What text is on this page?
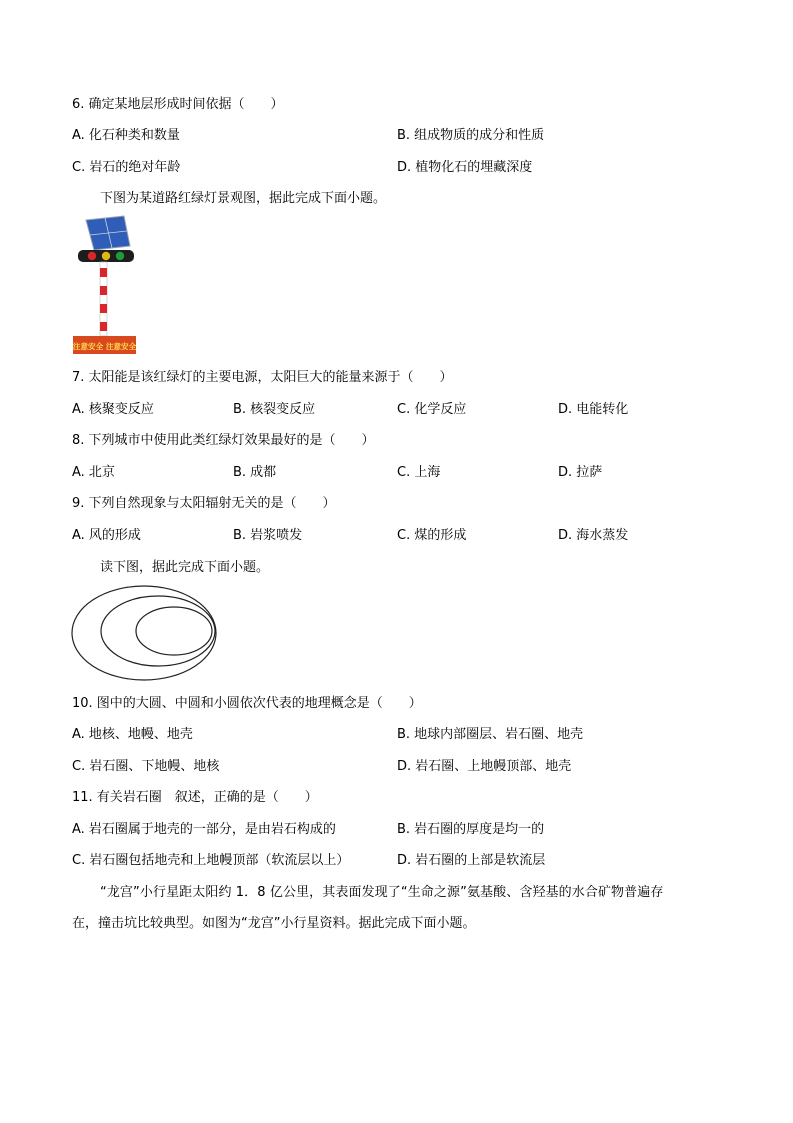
6. 确定某地层形成时间依据（　　）
A. 化石种类和数量	B. 组成物质的成分和性质
C. 岩石的绝对年龄	D. 植物化石的埋藏深度
下图为某道路红绿灯景观图，据此完成下面小题。
注意安全 注意安全
7. 太阳能是该红绿灯的主要电源，太阳巨大的能量来源于（　　）
A. 核聚变反应	B. 核裂变反应	C. 化学反应	D. 电能转化
8. 下列城市中使用此类红绿灯效果最好的是（　　）
A. 北京	B. 成都	C. 上海	D. 拉萨
9. 下列自然现象与太阳辐射无关的是（　　）
A. 风的形成	B. 岩浆喷发	C. 煤的形成	D. 海水蒸发
读下图，据此完成下面小题。
10. 图中的大圆、中圆和小圆依次代表的地理概念是（　　）
A. 地核、地幔、地壳	B. 地球内部圈层、岩石圈、地壳
C. 岩石圈、下地幔、地核	D. 岩石圈、上地幔顶部、地壳
11. 有关岩石圈　叙述，正确的是（　　）
A. 岩石圈属于地壳的一部分，是由岩石构成的	B. 岩石圈的厚度是均一的
C. 岩石圈包括地壳和上地幔顶部（软流层以上）	D. 岩石圈的上部是软流层
“龙宫”小行星距太阳约 1．8 亿公里，其表面发现了“生命之源”氨基酸、含羟基的水合矿物普遍存
在，撞击坑比较典型。如图为“龙宫”小行星资料。据此完成下面小题。
